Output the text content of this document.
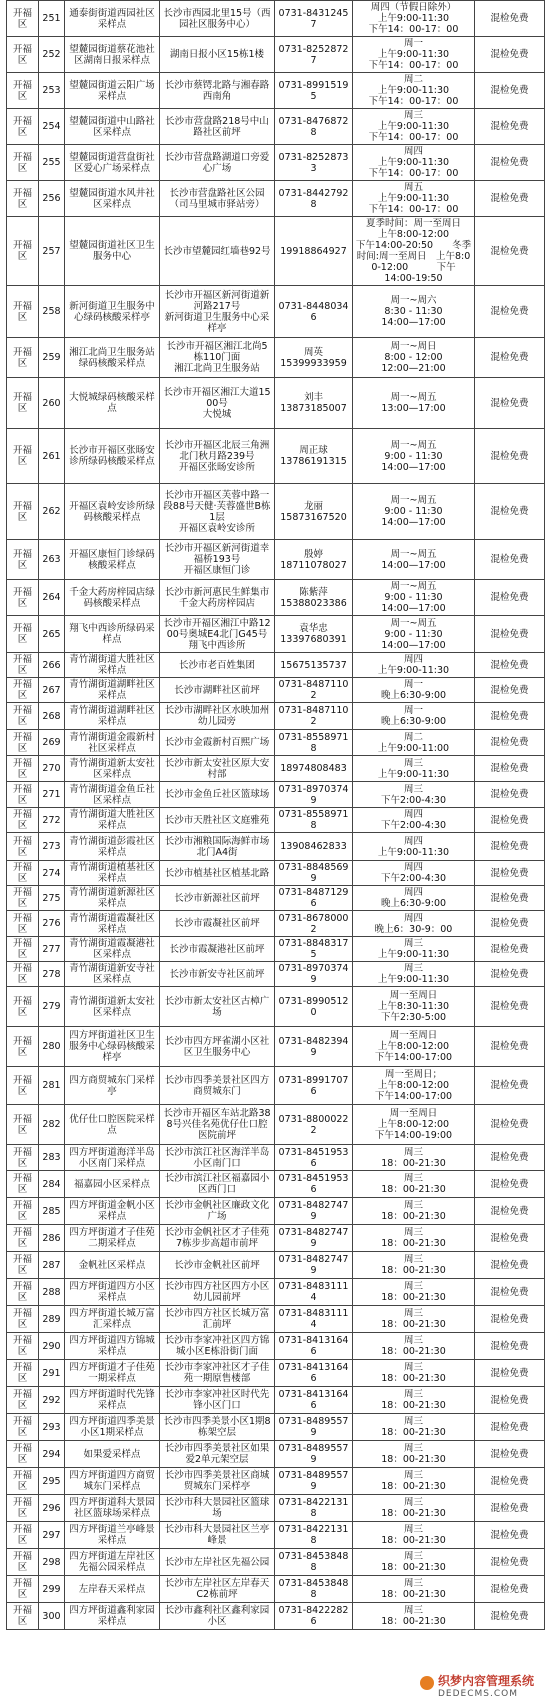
开福区	251	通泰街街道西园社区采样点	长沙市西园北里15号（西园社区服务中心）	0731-84312457	周四（节假日除外）
上午9:00-11:30
下午14：00-17：00	混检免费
开福区	252	望麓园街道蔡花池社区湖南日报采样点	湖南日报小区15栋1楼	0731-82528727	周一
上午9:00-11:30
下午14：00-17：00	混检免费
开福区	253	望麓园街道云阳广场采样点	长沙市蔡锷北路与湘春路西南角	0731-89915195	周二
上午9:00-11:30
下午14：00-17：00	混检免费
开福区	254	望麓园街道中山路社区采样点	长沙市营盘路218号中山路社区前坪	0731-84768728	周三
上午9:00-11:30
下午14：00-17：00	混检免费
开福区	255	望麓园街道营盘街社区爱心广场采样点	长沙市营盘路湖道口旁爱心广场	0731-82528733	周四
上午9:00-11:30
下午14：00-17：00	混检免费
开福区	256	望麓园街道水风井社区采样点	长沙市营盘路社区公园（司马里城市驿站旁）	0731-84427928	周五
上午9:00-11:30
下午14：00-17：00	混检免费
开福区	257	望麓园街道社区卫生服务中心	长沙市望麓园红墙巷92号	19918864927	夏季时间：周一至周日
上午8:00-12:00
下午14:00-20:50　　冬季时间:周一至周日　上午8:00-12:00　　　下午
14:00-19:50	混检免费
开福区	258	新河街道卫生服务中心绿码核酸采样亭	长沙市开福区新河街道新河路217号
新河街道卫生服务中心采样亭	0731-84480346	周一~周六
8:30 - 11:30
14:00—17:00	混检免费
开福区	259	湘江北尚卫生服务站绿码核酸采样点	长沙市开福区湘江北尚5栋110门面
湘江北尚卫生服务站	周英
15399933959	周一~周日
8:00 - 12:00
12:00—21:00	混检免费
开福区	260	大悦城绿码核酸采样点	长沙市开福区湘江大道1500号
大悦城	刘丰
13873185007	周一~周五
13:00—17:00	混检免费
开福区	261	长沙市开福区张旸安诊所绿码核酸采样点	长沙市开福区北辰三角洲北门秋月路239号
开福区张旸安诊所	周正球
13786191315	周一~周五
9:00 - 11:30
14:00—17:00	混检免费
开福区	262	开福区袁岭安诊所绿码核酸采样点	长沙市开福区芙蓉中路一段88号天健·芙蓉盛世B栋1层
开福区袁岭安诊所	龙丽
15873167520	周一~周五
9:00 - 11:30
14:00—17:00	混检免费
开福区	263	开福区康恒门诊绿码核酸采样点	长沙市开福区新河街道幸福桥193号
开福区康恒门诊	殷婷
18711078027	周一~周五
14:00—17:00	混检免费
开福区	264	千金大药房梓园店绿码核酸采样点	长沙市新河惠民生鲜集市千金大药房梓园店	陈紫萍
15388023386	周一~周五
9:00 - 11:30
14:00—17:00	混检免费
开福区	265	翔飞中西诊所绿码采样点	长沙市开福区湘江中路1200号奥城E4北门G45号翔飞中西诊所	袁华忠
13397680391	周一~周五
9:00 - 11:30
14:00—17:00	混检免费
开福区	266	青竹湖街道大胜社区采样点	长沙市老百姓集团	15675135737	周四
上午9:00-11:30	混检免费
开福区	267	青竹湖街道湖畔社区采样点	长沙市湖畔社区前坪	0731-84871102	周一
晚上6:30-9:00	混检免费
开福区	268	青竹湖街道湖畔社区采样点	长沙市湖畔社区水映加州幼儿园旁	0731-84871102	周一
晚上6:30-9:00	混检免费
开福区	269	青竹湖街道金霞新村社区采样点	长沙市金霞新村百熙广场	0731-85589718	周二
上午9:00-11:00	混检免费
开福区	270	青竹湖街道新太安社区采样点	长沙市新太安社区原大安村部	18974808483	周三
上午9:00-11:30	混检免费
开福区	271	青竹湖街道金鱼丘社区采样点	长沙市金鱼丘社区篮球场	0731-89703749	周三
下午2:00-4:30	混检免费
开福区	272	青竹湖街道大胜社区采样点	长沙市天胜社区文庭雅苑	0731-85589718	周四
下午2:00-4:30	混检免费
开福区	273	青竹湖街道彭霞社区采样点	长沙市湘粮国际海鲜市场北门A4街	13908462833	周四
上午9:00-11:30	混检免费
开福区	274	青竹湖街道植基社区采样点	长沙市植基社区植基北路	0731-88485699	周四
下午2:00-4:30	混检免费
开福区	275	青竹湖街道新源社区采样点	长沙市新源社区前坪	0731-84871296	周四
晚上6:30-9:00	混检免费
开福区	276	青竹湖街道霞凝社区采样点	长沙市霞凝社区前坪	0731-86780002	周四
晚上6：30-9：00	混检免费
开福区	277	青竹湖街道霞凝港社区采样点	长沙市霞凝港社区前坪	0731-88483175	周三
上午9:00-11:30	混检免费
开福区	278	青竹湖街道新安寺社区采样点	长沙市新安寺社区前坪	0731-89703749	周三
上午9:00-11:30	混检免费
开福区	279	青竹湖街道新太安社区采样点	长沙市新太安社区古樟广场	0731-89905120	周一至周日
上午8:30-11:30
下午2:30-5:00	混检免费
开福区	280	四方坪街道社区卫生服务中心绿码核酸采样亭	长沙市四方坪雀湖小区社区卫生服务中心	0731-84823949	周一至周日
上午8:00-12:00
下午14:00-17:00	混检免费
开福区	281	四方商贸城东门采样亭	长沙市四季美景社区四方商贸城东门	0731-89917076	周一至周日；
上午8:00-12:00
下午14:00-17:00	混检免费
开福区	282	优仔仕口腔医院采样点	长沙市开福区车站北路388号兴佳名苑优仔仕口腔医院前坪	0731-88000222	周一至周日
上午8:00-12:00
下午14:00-19:00	混检免费
开福区	283	四方坪街道海洋半岛小区南门采样点	长沙市滨江社区海洋半岛小区南门口	0731-84519536	周三
18：00-21:30	混检免费
开福区	284	福嘉园小区采样点	长沙市滨江社区福嘉园小区西门口	0731-84519536	周三
18：00-21:30	混检免费
开福区	285	四方坪街道金帆小区采样点	长沙市金帆社区廉政文化广场	0731-84827479	周三
18：00-21:30	混检免费
开福区	286	四方坪街道才子佳苑二期采样点	长沙市金帆社区才子佳苑7栋步步高超市前坪	0731-84827479	周三
18：00-21:30	混检免费
开福区	287	金帆社区采样点	长沙市金帆社区前坪	0731-84827479	周三
18：00-21:30	混检免费
开福区	288	四方坪街道四方小区采样点	长沙市四方社区四方小区幼儿园前坪	0731-84831114	周三
18：00-21:30	混检免费
开福区	289	四方坪街道长城万富汇采样点	长沙市四方社区长城万富汇前坪	0731-84831114	周三
18：00-21:30	混检免费
开福区	290	四方坪街道四方锦城采样点	长沙市李家冲社区四方锦城小区E栋沿街门面	0731-84131646	周三
18：00-21:30	混检免费
开福区	291	四方坪街道才子佳苑一期采样点	长沙市李家冲社区才子佳苑一期原售楼部	0731-84131646	周三
18：00-21:30	混检免费
开福区	292	四方坪街道时代先锋采样点	长沙市李家冲社区时代先锋小区门口	0731-84131646	周三
18：00-21:30	混检免费
开福区	293	四方坪街道四季美景小区1期采样点	长沙市四季美景小区1期8栋架空层	0731-84895579	周三
18：00-21:30	混检免费
开福区	294	如果爱采样点	长沙市四季美景社区如果爱2单元架空层	0731-84895579	周三
18：00-21:30	混检免费
开福区	295	四方坪街道四方商贸城东门采样点	长沙市四季美景社区商城贸城东门采样亭	0731-84895579	周三
18：00-21:30	混检免费
开福区	296	四方坪街道科大景园社区篮球场采样点	长沙市科大景园社区篮球场	0731-84221318	周三
18：00-21:30	混检免费
开福区	297	四方坪街道兰亭峰景采样点	长沙市科大景园社区兰亭峰景	0731-84221318	周三
18：00-21:30	混检免费
开福区	298	四方坪街道左岸社区先福公园采样点	长沙市左岸社区先福公园	0731-84538488	周三
18：00-21:30	混检免费
开福区	299	左岸春天采样点	长沙市左岸社区左岸春天C2栋前坪	0731-84538488	周三
18：00-21:30	混检免费
开福区	300	四方坪街道鑫利家园采样点	长沙市鑫利社区鑫利家园小区	0731-84222826	周三
18：00-21:30	混检免费
织梦内容管理系统
DEDECMS.COM
